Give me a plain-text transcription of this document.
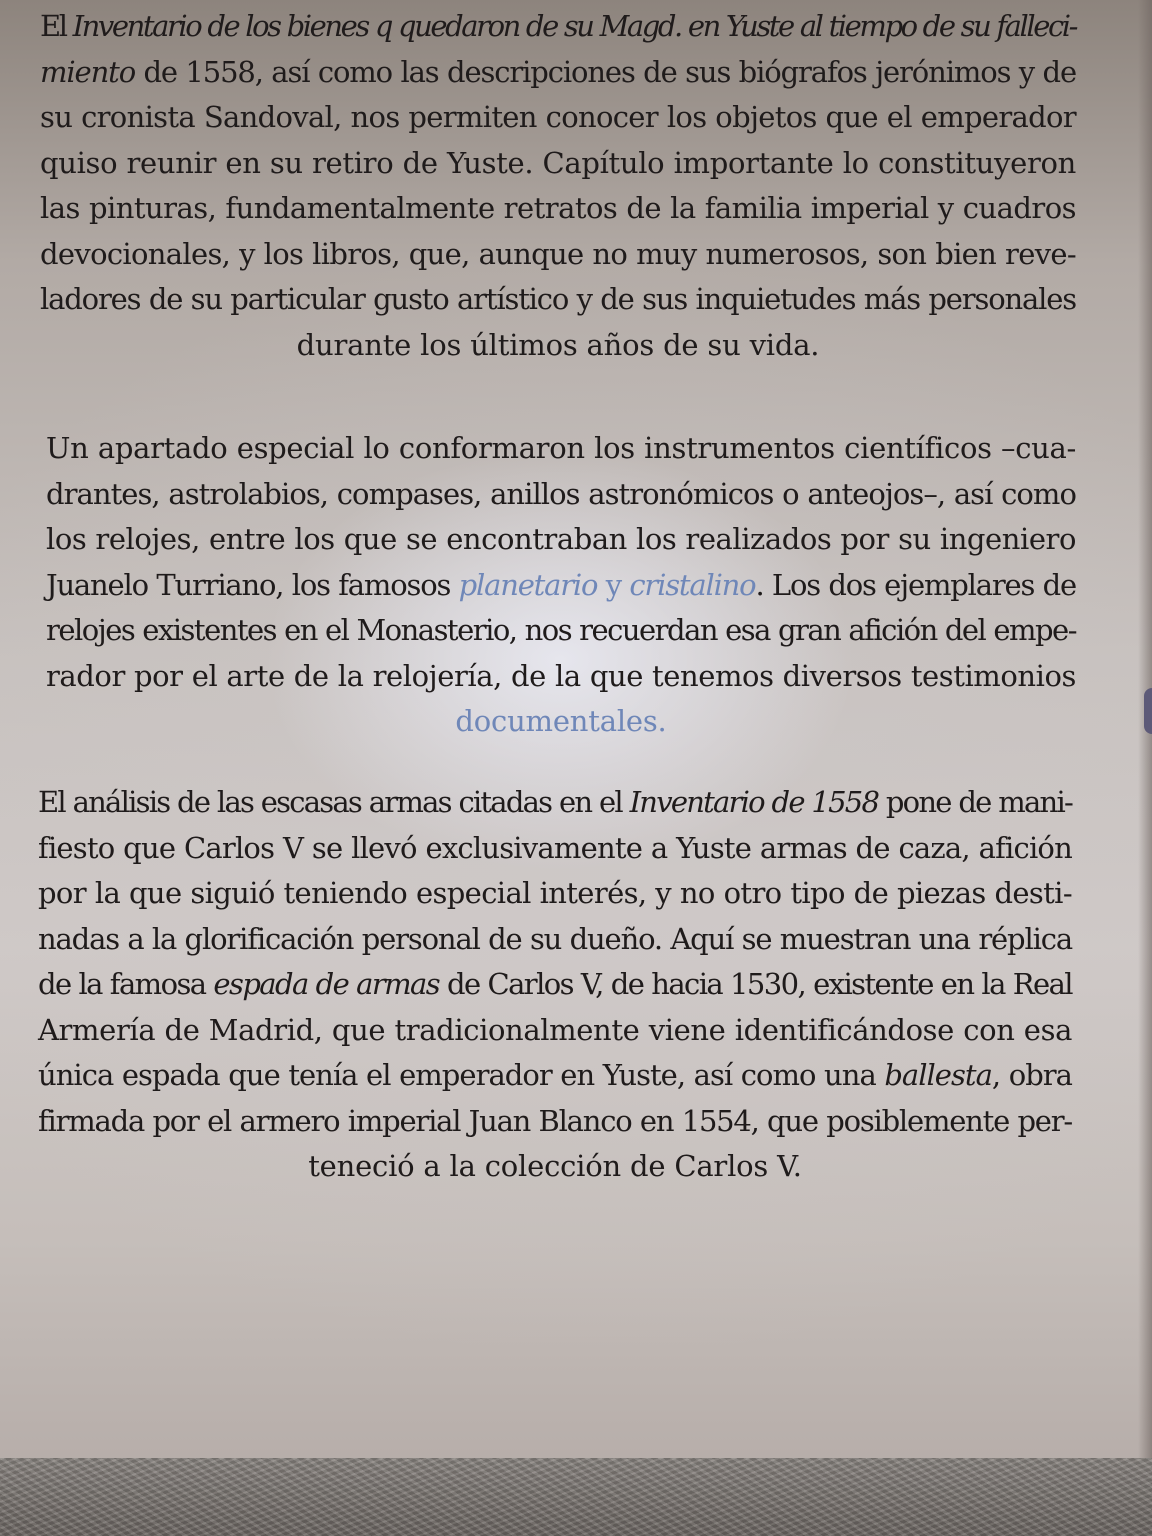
El Inventario de los bienes q quedaron de su Magd. en Yuste al tiempo de su falleci-
miento de 1558, así como las descripciones de sus biógrafos jerónimos y de
su cronista Sandoval, nos permiten conocer los objetos que el emperador
quiso reunir en su retiro de Yuste. Capítulo importante lo constituyeron
las pinturas, fundamentalmente retratos de la familia imperial y cuadros
devocionales, y los libros, que, aunque no muy numerosos, son bien reve-
ladores de su particular gusto artístico y de sus inquietudes más personales
durante los últimos años de su vida.
Un apartado especial lo conformaron los instrumentos científicos –cua-
drantes, astrolabios, compases, anillos astronómicos o anteojos–, así como
los relojes, entre los que se encontraban los realizados por su ingeniero
Juanelo Turriano, los famosos planetario y cristalino. Los dos ejemplares de
relojes existentes en el Monasterio, nos recuerdan esa gran afición del empe-
rador por el arte de la relojería, de la que tenemos diversos testimonios
documentales.
El análisis de las escasas armas citadas en el Inventario de 1558 pone de mani-
fiesto que Carlos V se llevó exclusivamente a Yuste armas de caza, afición
por la que siguió teniendo especial interés, y no otro tipo de piezas desti-
nadas a la glorificación personal de su dueño. Aquí se muestran una réplica
de la famosa espada de armas de Carlos V, de hacia 1530, existente en la Real
Armería de Madrid, que tradicionalmente viene identificándose con esa
única espada que tenía el emperador en Yuste, así como una ballesta, obra
firmada por el armero imperial Juan Blanco en 1554, que posiblemente per-
teneció a la colección de Carlos V.
